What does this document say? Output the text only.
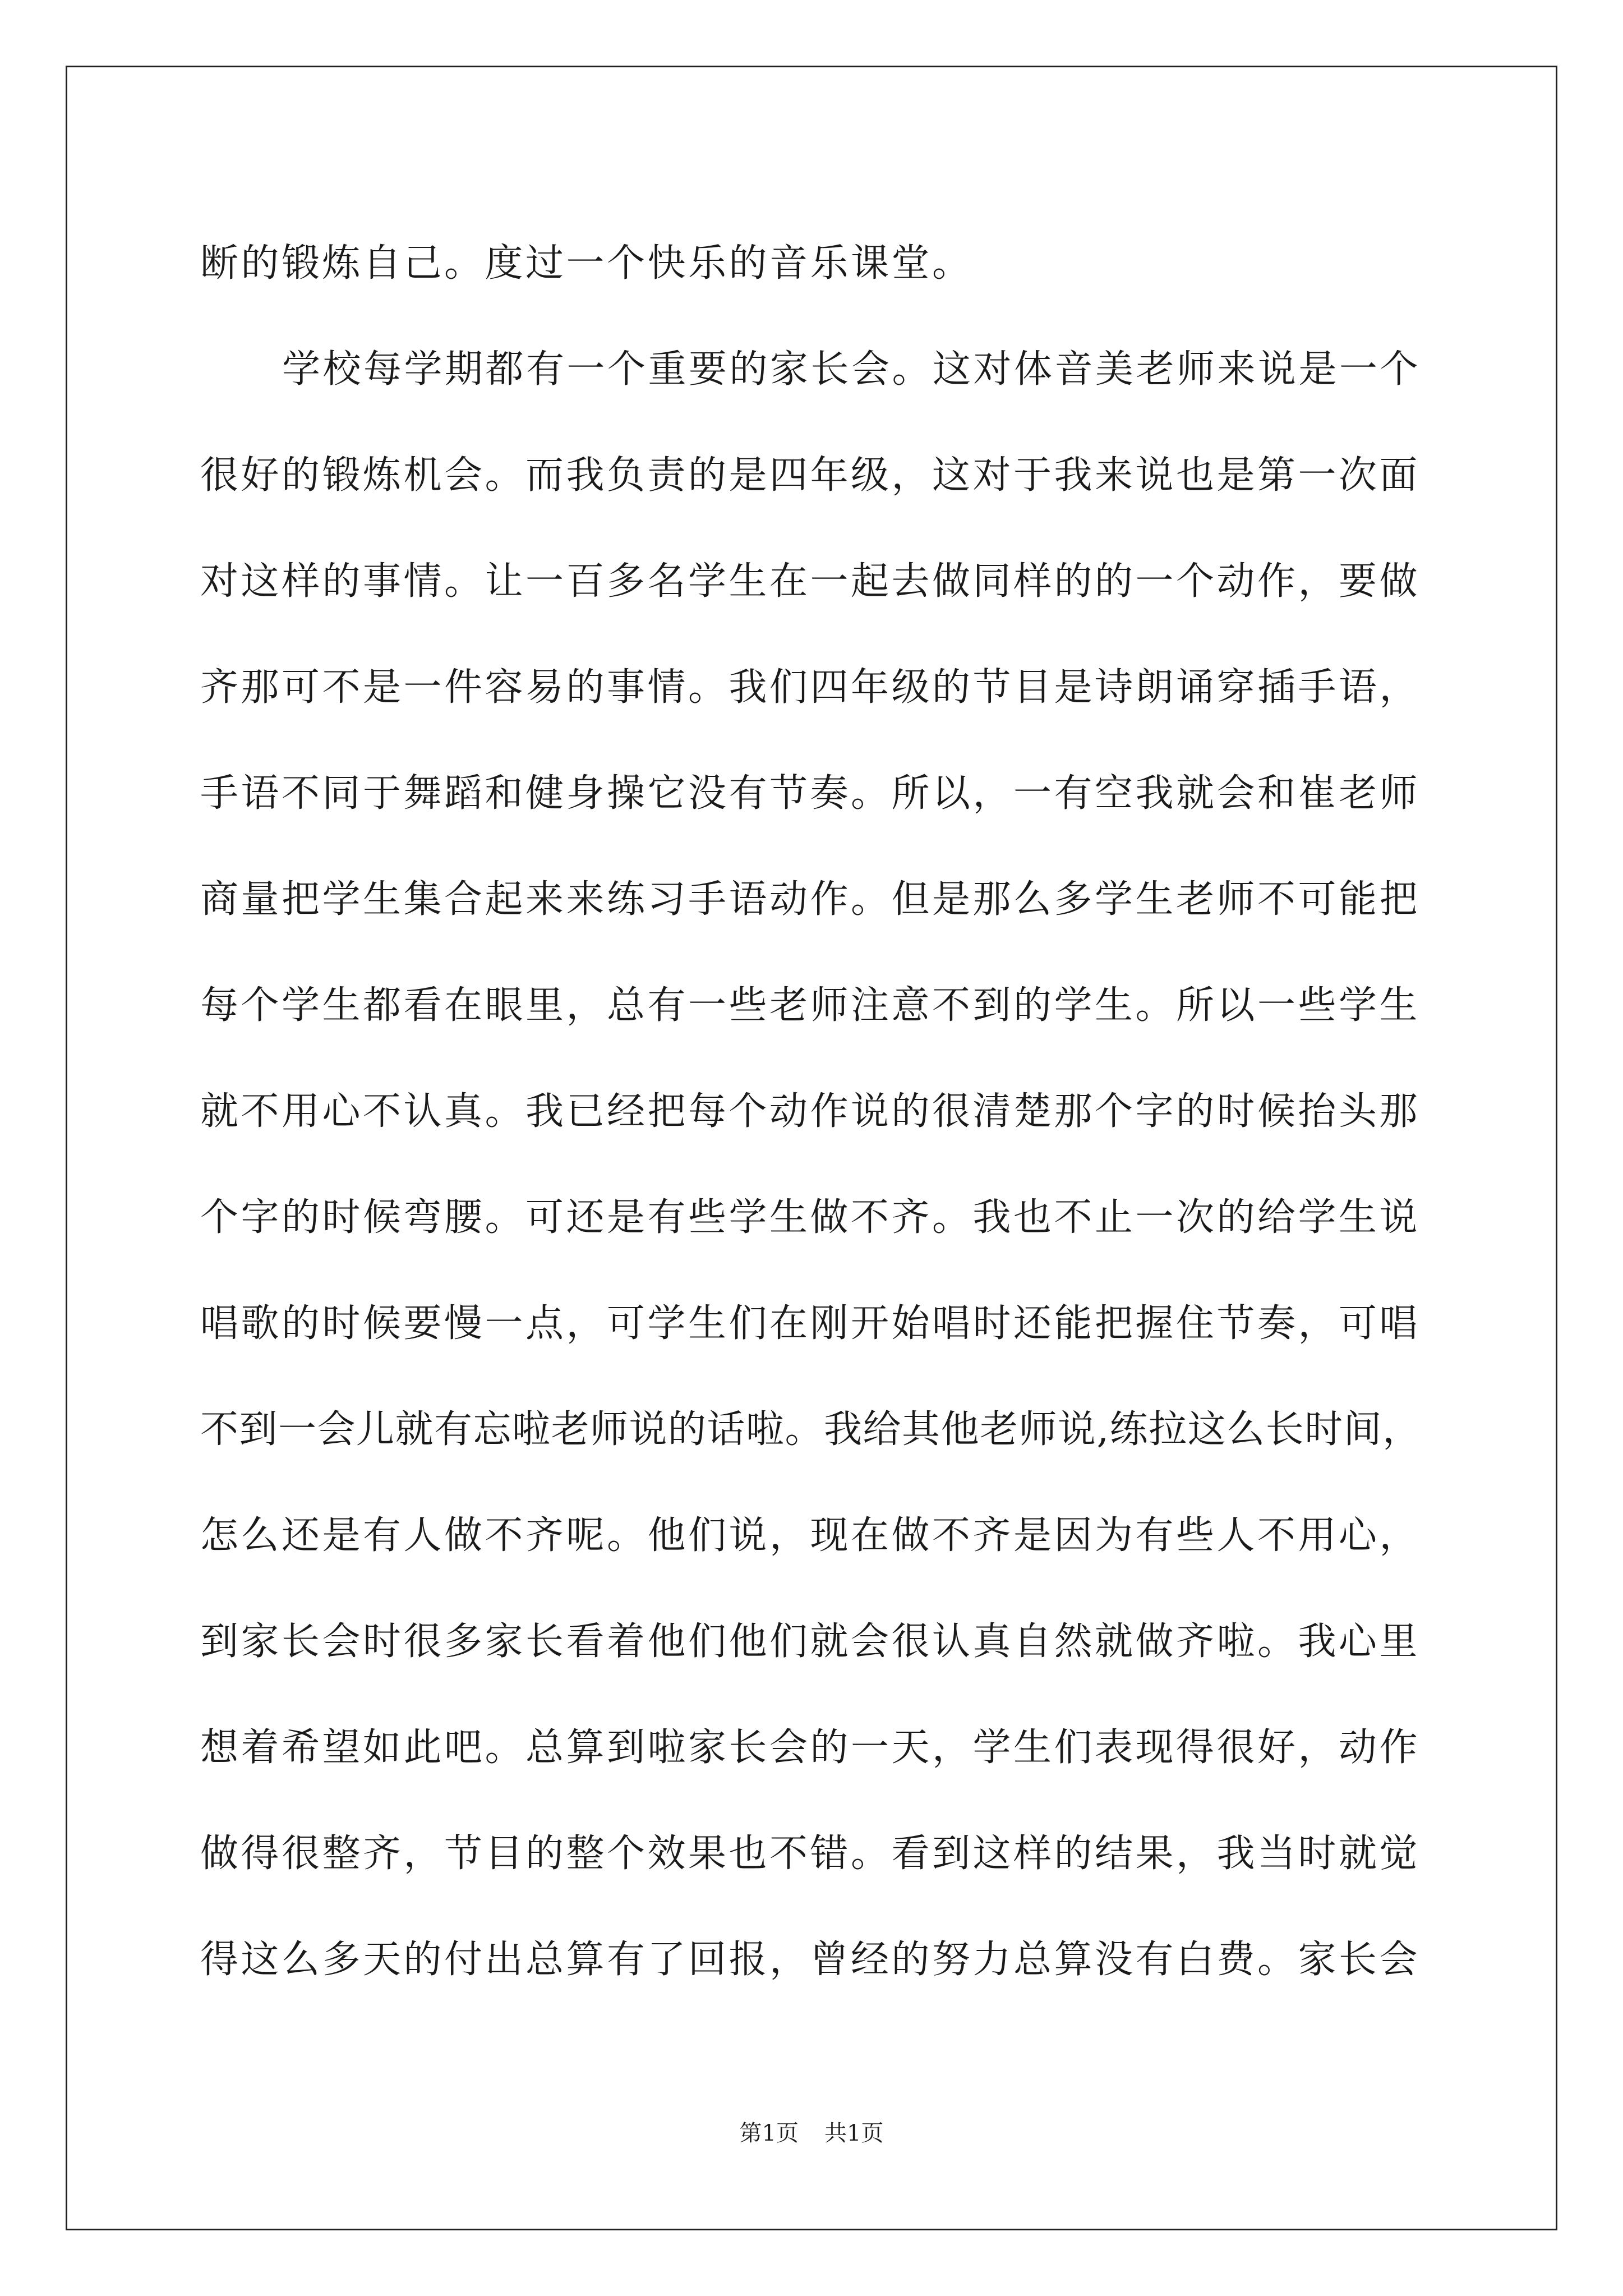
断的锻炼自己。度过一个快乐的音乐课堂。

学校每学期都有一个重要的家长会。这对体音美老师来说是一个

很好的锻炼机会。而我负责的是四年级，这对于我来说也是第一次面

对这样的事情。让一百多名学生在一起去做同样的的一个动作，要做

齐那可不是一件容易的事情。我们四年级的节目是诗朗诵穿插手语，

手语不同于舞蹈和健身操它没有节奏。所以，一有空我就会和崔老师

商量把学生集合起来来练习手语动作。但是那么多学生老师不可能把

每个学生都看在眼里，总有一些老师注意不到的学生。所以一些学生

就不用心不认真。我已经把每个动作说的很清楚那个字的时候抬头那

个字的时候弯腰。可还是有些学生做不齐。我也不止一次的给学生说

唱歌的时候要慢一点，可学生们在刚开始唱时还能把握住节奏，可唱

不到一会儿就有忘啦老师说的话啦。我给其他老师说,练拉这么长时间，

怎么还是有人做不齐呢。他们说，现在做不齐是因为有些人不用心，

到家长会时很多家长看着他们他们就会很认真自然就做齐啦。我心里

想着希望如此吧。总算到啦家长会的一天，学生们表现得很好，动作

做得很整齐，节目的整个效果也不错。看到这样的结果，我当时就觉

得这么多天的付出总算有了回报，曾经的努力总算没有白费。家长会

第1页 共1页
